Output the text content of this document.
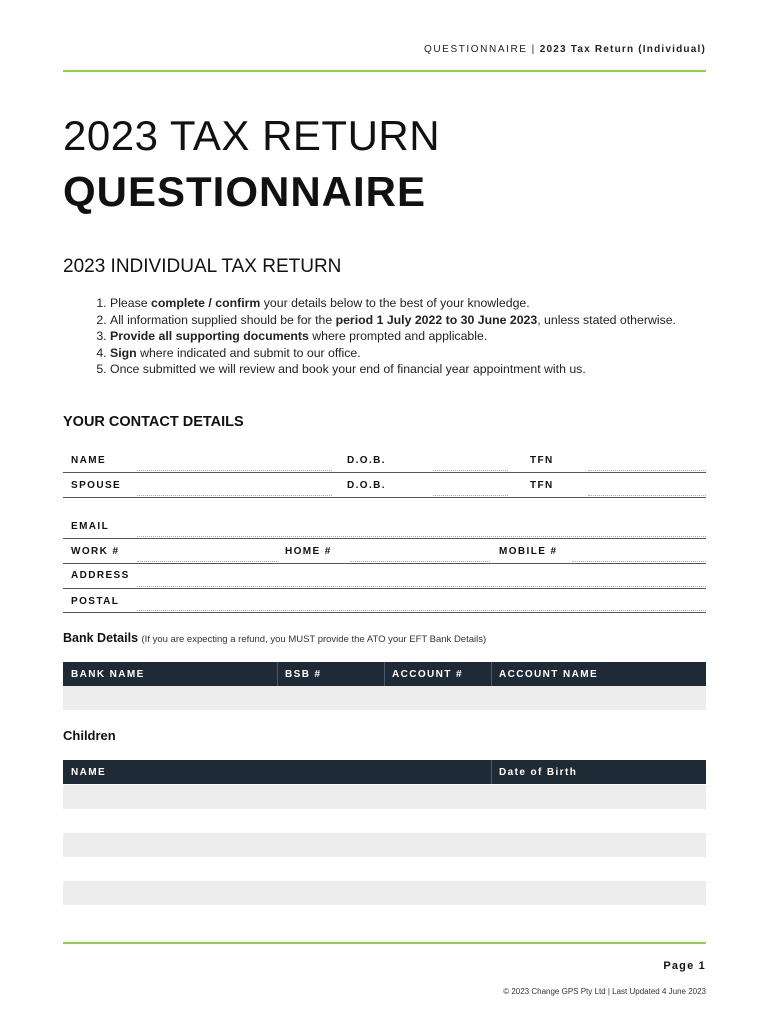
QUESTIONNAIRE | 2023 Tax Return (Individual)
2023 TAX RETURN
QUESTIONNAIRE
2023 INDIVIDUAL TAX RETURN
1. Please complete / confirm your details below to the best of your knowledge.
2. All information supplied should be for the period 1 July 2022 to 30 June 2023, unless stated otherwise.
3. Provide all supporting documents where prompted and applicable.
4. Sign where indicated and submit to our office.
5. Once submitted we will review and book your end of financial year appointment with us.
YOUR CONTACT DETAILS
NAME	D.O.B.	TFN
SPOUSE	D.O.B.	TFN
EMAIL
WORK #	HOME #	MOBILE #
ADDRESS
POSTAL
Bank Details (If you are expecting a refund, you MUST provide the ATO your EFT Bank Details)
BANK NAME	BSB #	ACCOUNT #	ACCOUNT NAME
Children
NAME	Date of Birth
Page 1
© 2023 Change GPS Pty Ltd | Last Updated 4 June 2023
